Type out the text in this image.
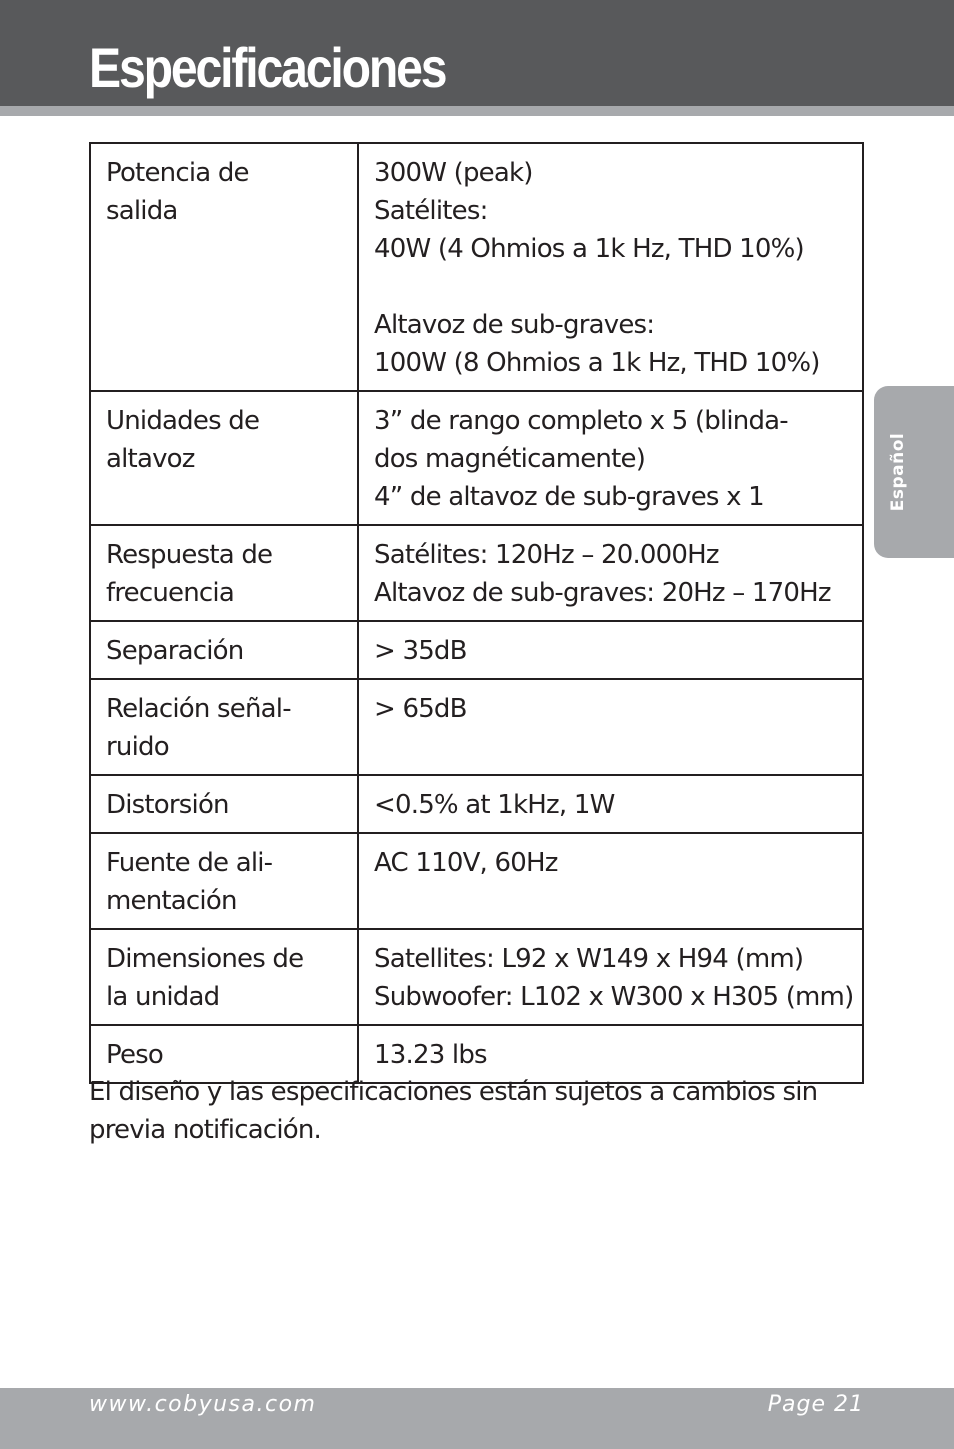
Especificaciones
Español
Potencia de
salida	300W (peak)
Satélites:
40W (4 Ohmios a 1k Hz, THD 10%)
Altavoz de sub-graves:
100W (8 Ohmios a 1k Hz, THD 10%)

Unidades de
altavoz	3” de rango completo x 5 (blinda-
dos magnéticamente)
4” de altavoz de sub-graves x 1

Respuesta de
frecuencia	Satélites: 120Hz – 20.000Hz
Altavoz de sub-graves: 20Hz – 170Hz

Separación	> 35dB

Relación señal-
ruido	> 65dB

Distorsión	<0.5% at 1kHz, 1W

Fuente de ali-
mentación	AC 110V, 60Hz

Dimensiones de
la unidad	Satellites: L92 x W149 x H94 (mm)
Subwoofer: L102 x W300 x H305 (mm)

Peso	13.23 lbs

El diseño y las especificaciones están sujetos a cambios sin previa notificación.

www.cobyusa.com	Page 21
